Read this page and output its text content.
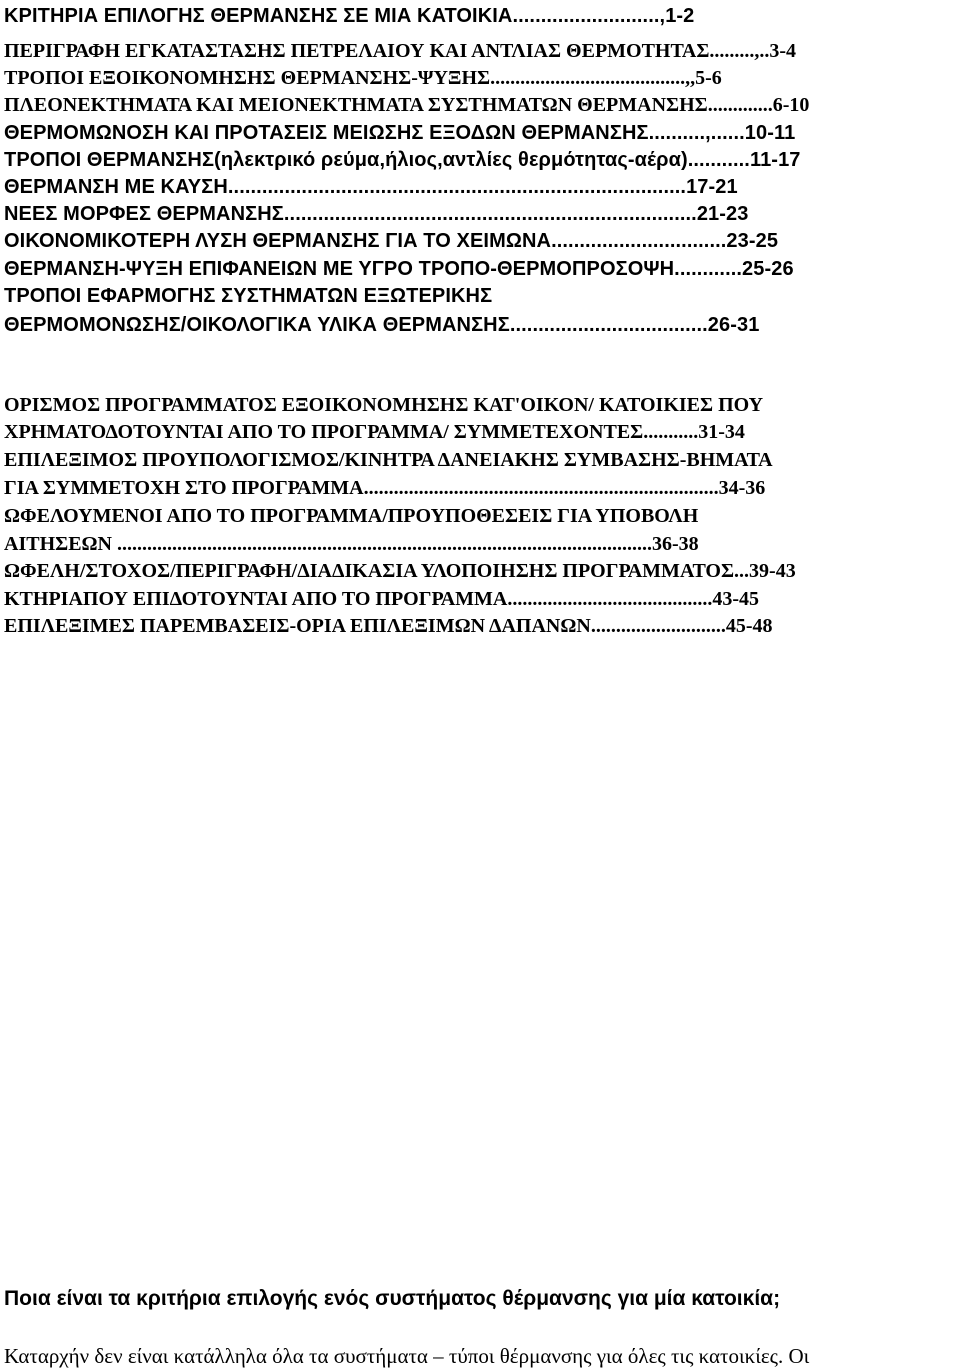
ΚΡΙΤΗΡΙΑ ΕΠΙΛΟΓΗΣ ΘΕΡΜΑΝΣΗΣ ΣΕ ΜΙΑ ΚΑΤΟΙΚΙΑ..........................,1-2
ΠΕΡΙΓΡΑΦΗ ΕΓΚΑΤΑΣΤΑΣΗΣ ΠΕΤΡΕΛΑΙΟΥ ΚΑΙ ΑΝΤΛΙΑΣ ΘΕΡΜΟΤΗΤΑΣ.........,..3-4
ΤΡΟΠΟΙ ΕΞΟΙΚΟΝΟΜΗΣΗΣ ΘΕΡΜΑΝΣΗΣ-ΨΥΞΗΣ.......................................,,5-6
ΠΛΕΟΝΕΚΤΗΜΑΤΑ ΚΑΙ ΜΕΙΟΝΕΚΤΗΜΑΤΑ ΣΥΣΤΗΜΑΤΩΝ ΘΕΡΜΑΝΣΗΣ.............6-10
ΘΕΡΜΟΜΩΝΟΣΗ ΚΑΙ ΠΡΟΤΑΣΕΙΣ ΜΕΙΩΣΗΣ ΕΞΟΔΩΝ ΘΕΡΜΑΝΣΗΣ..........,......10-11
ΤΡΟΠΟΙ ΘΕΡΜΑΝΣΗΣ(ηλεκτρικό ρεύμα,ήλιος,αντλίες θερμότητας-αέρα)...........11-17
ΘΕΡΜΑΝΣΗ ΜΕ ΚΑΥΣΗ.................................................................................17-21
ΝΕΕΣ ΜΟΡΦΕΣ ΘΕΡΜΑΝΣΗΣ.........................................................................21-23
ΟΙΚΟΝΟΜΙΚΟΤΕΡΗ ΛΥΣΗ ΘΕΡΜΑΝΣΗΣ ΓΙΑ ΤΟ ΧΕΙΜΩΝΑ...............................23-25
ΘΕΡΜΑΝΣΗ-ΨΥΞΗ ΕΠΙΦΑΝΕΙΩΝ ΜΕ ΥΓΡΟ ΤΡΟΠΟ-ΘΕΡΜΟΠΡΟΣΟΨΗ............25-26
ΤΡΟΠΟΙ ΕΦΑΡΜΟΓΗΣ ΣΥΣΤΗΜΑΤΩΝ ΕΞΩΤΕΡΙΚΗΣ
ΘΕΡΜΟΜΟΝΩΣΗΣ/ΟΙΚΟΛΟΓΙΚΑ ΥΛΙΚΑ ΘΕΡΜΑΝΣΗΣ...................................26-31
ΟΡΙΣΜΟΣ ΠΡΟΓΡΑΜΜΑΤΟΣ ΕΞΟΙΚΟΝΟΜΗΣΗΣ ΚΑΤ'ΟΙΚΟΝ/ ΚΑΤΟΙΚΙΕΣ ΠΟΥ
ΧΡΗΜΑΤΟΔΟΤΟΥΝΤΑΙ ΑΠΟ ΤΟ ΠΡΟΓΡΑΜΜΑ/ ΣΥΜΜΕΤΕΧΟΝΤΕΣ...........31-34
ΕΠΙΛΕΞΙΜΟΣ ΠΡΟΥΠΟΛΟΓΙΣΜΟΣ/ΚΙΝΗΤΡΑ ΔΑΝΕΙΑΚΗΣ ΣΥΜΒΑΣΗΣ-ΒΗΜΑΤΑ
ΓΙΑ ΣΥΜΜΕΤΟΧΗ ΣΤΟ ΠΡΟΓΡΑΜΜΑ.......................................................................34-36
ΩΦΕΛΟΥΜΕΝΟΙ ΑΠΟ ΤΟ ΠΡΟΓΡΑΜΜΑ/ΠΡΟΥΠΟΘΕΣΕΙΣ ΓΙΑ ΥΠΟΒΟΛΗ
ΑΙΤΗΣΕΩΝ ...........................................................................................................36-38
ΩΦΕΛΗ/ΣΤΟΧΟΣ/ΠΕΡΙΓΡΑΦΗ/ΔΙΑΔΙΚΑΣΙΑ ΥΛΟΠΟΙΗΣΗΣ ΠΡΟΓΡΑΜΜΑΤΟΣ...39-43
ΚΤΗΡΙΑΠΟΥ ΕΠΙΔΟΤΟΥΝΤΑΙ ΑΠΟ ΤΟ ΠΡΟΓΡΑΜΜΑ.........................................43-45
ΕΠΙΛΕΞΙΜΕΣ ΠΑΡΕΜΒΑΣΕΙΣ-ΟΡΙΑ ΕΠΙΛΕΞΙΜΩΝ ΔΑΠΑΝΩΝ...........................45-48
Ποια είναι τα κριτήρια επιλογής ενός συστήματος θέρμανσης για μία κατοικία;
Καταρχήν δεν είναι κατάλληλα όλα τα συστήματα – τύποι θέρμανσης για όλες τις κατοικίες. Οι
